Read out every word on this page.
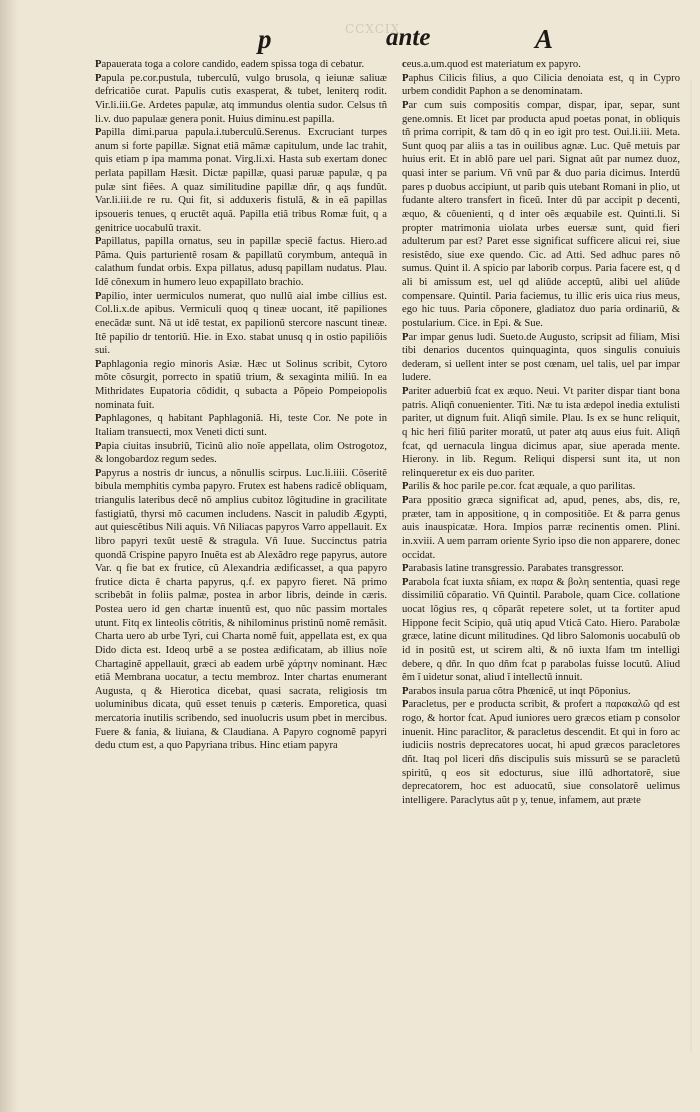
CCXCIX
p	ante	A

Papauerata toga a colore candido, eadem spissa toga di cebatur.

Papula pe.cor.pustula, tuberculũ, vulgo brusola, q ieiunæ saliuæ defricatiõe curat. Papulis cutis exasperat, & tubet, leniterq rodit. Vir.li.iii.Ge. Ardetes papulæ, atq immundus olentia sudor. Celsus tñ li.v. duo papulaæ genera ponit. Huius diminu.est papilla.

Papilla dimi.parua papula.i.tuberculũ.Serenus. Excruciant turpes anum si forte papillæ. Signat etiã mãmæ capitulum, unde lac trahit, quis etiam p ipa mamma ponat. Virg.li.xi. Hasta sub exertam donec perlata papillam Hæsit. Dictæ papillæ, quasi paruæ papulæ, q pa pulæ sint fiẽes. A quaz similitudine papillæ dñr, q aqs fundũt. Var.li.iii.de re ru. Qui fit, si adduxeris fistulã, & in eã papillas ipsoueris tenues, q eructẽt aquã. Papilla etiã tribus Romæ fuit, q a genitrice uocabulũ traxit.

Papillatus, papilla ornatus, seu in papillæ speciẽ factus. Hiero.ad Pãma. Quis parturientẽ rosam & papillatũ corymbum, antequã in calathum fundat orbis. Expa pillatus, adusq papillam nudatus. Plau. Idẽ cõnexum in humero leuo expapillato brachio.

Papilio, inter uermiculos numerat, quo nullũ aial imbe cillius est. Col.li.x.de apibus. Vermiculi quoq q tineæ uocant, itẽ papiliones enecãdæ sunt. Nã ut idẽ testat, ex papilionũ stercore nascunt tineæ. Itẽ papilio dr tentoriũ. Hie. in Exo. stabat unusq q in ostio papiliõis sui.

Paphlagonia regio minoris Asiæ. Hæc ut Solinus scribit, Cytoro mõte cõsurgit, porrecto in spatiũ trium, & sexaginta miliũ. In ea Mithridates Eupatoria cõdidit, q subacta a Põpeio Pompeiopolis nominata fuit.

Paphlagones, q habitant Paphlagoniã. Hi, teste Cor. Ne pote in Italiam transuecti, mox Veneti dicti sunt.

Papia ciuitas insubriũ, Ticinũ alio noĩe appellata, olim Ostrogotoz, & longobardoz regum sedes.

Papyrus a nostris dr iuncus, a nõnullis scirpus. Luc.li.iiii. Cõseritẽ bibula memphitis cymba papyro. Frutex est habens radicẽ obliquam, triangulis lateribus decẽ nõ amplius cubitoz lõgitudine in gracilitate fastigiatũ, thyrsi mõ cacumen includens. Nascit in paludib Ægypti, aut quiescẽtibus Nili aquis. Vñ Niliacas papyros Varro appellauit. Ex libro papyri texũt uestẽ & stragula. Vñ Iuue. Succinctus patria quondã Crispine papyro Inuẽta est ab Alexãdro rege papyrus, autore Var. q fie bat ex frutice, cũ Alexandria ædificasset, a qua papyro frutice dicta ẽ charta papyrus, q.f. ex papyro fieret. Nã primo scribebãt in foliis palmæ, postea in arbor libris, deinde in cæris. Postea uero id gen chartæ inuentũ est, quo nũc passim mortales utunt. Fitq ex linteolis cõtritis, & nihilominus pristinũ nomẽ remãsit. Charta uero ab urbe Tyri, cui Charta nomẽ fuit, appellata est, ex qua Dido dicta est. Ideoq urbẽ a se postea ædificatam, ab illius noĩe Chartaginẽ appellauit, græci ab eadem urbẽ χάρτην nominant. Hæc etiã Membrana uocatur, a tectu membroz. Inter chartas enumerant Augusta, q & Hierotica dicebat, quasi sacrata, religiosis tm uoluminibus dicata, quũ esset tenuis p cæteris. Emporetica, quasi mercatoria inutilis scribendo, sed inuolucris usum pbet in mercibus. Fuere & fania, & liuiana, & Claudiana. A Papyro cognomẽ papyri dedu ctum est, a quo Papyriana tribus. Hinc etiam papyra

ceus.a.um.quod est materiatum ex papyro.

Paphus Cilicis filius, a quo Cilicia denoiata est, q in Cypro urbem condidit Paphon a se denominatam.

Par cum suis compositis compar, dispar, ipar, separ, sunt gene.omnis. Et licet par producta apud poetas ponat, in obliquis tñ prima corripit, & tam dõ q in eo igit pro test. Oui.li.iii. Meta. Sunt quoq par aliis a tas in ouilibus agnæ. Luc. Quẽ metuis par huius erit. Et in ablõ pare uel pari. Signat aũt par numez duoz, quasi inter se parium. Vñ vnũ par & duo paria dicimus. Interdũ pares p duobus accipiunt, ut parib quis utebant Romani in plio, ut fudante altero transfert in ficeũ. Inter dũ par accipit p decenti, æquo, & cõuenienti, q d inter oẽs æquabile est. Quinti.li. Si propter matrimonia uiolata urbes euersæ sunt, quid fieri adulterum par est? Paret esse significat sufficere alicui rei, siue resistẽdo, siue exe quendo. Cic. ad Atti. Sed adhuc pares nõ sumus. Quint il. A spicio par laborib corpus. Paria facere est, q d ali bi amissum est, uel qd aliũde acceptũ, alibi uel aliũde compensare. Quintil. Paria faciemus, tu illic eris uica rius meus, ego hic tuus. Paria cõponere, gladiatoz duo paria ordinariũ, & postularium. Cice. in Epi. & Sue.

Par impar genus ludi. Sueto.de Augusto, scripsit ad filiam, Misi tibi denarios ducentos quinquaginta, quos singulis conuiuis dederam, si uellent inter se post cœnam, uel talis, uel par impar ludere.

Pariter aduerbiũ fcat ex æquo. Neui. Vt pariter dispar tiant bona patris. Aliqñ conuenienter. Titi. Næ tu ista ædepol inedia extulisti pariter, ut dignum fuit. Aliqñ simile. Plau. Is ex se hunc reliquit, q hic heri filiũ pariter moratũ, ut pater atq auus eius fuit. Aliqñ fcat, qd uernacula lingua dicimus apar, siue aperada mente. Hierony. in lib. Regum. Reliqui dispersi sunt ita, ut non relinqueretur ex eis duo pariter.

Parilis & hoc parile pe.cor. fcat æquale, a quo parilitas.

Para ppositio græca significat ad, apud, penes, abs, dis, re, præter, tam in appositione, q in compositiõe. Et & parra genus auis inauspicatæ. Hora. Impios parræ recinentis omen. Plini. in.xviii. A uem parram oriente Syrio ipso die non apparere, donec occidat.

Parabasis latine transgressio. Parabates transgressor.

Parabola fcat iuxta sñiam, ex παρα & βολη sententia, quasi rege dissimiliũ cõparatio. Vñ Quintil. Parabole, quam Cice. collatione uocat lõgius res, q cõparãt repetere solet, ut ta fortiter apud Hippone fecit Scipio, quã utiq apud Vticã Cato. Hiero. Parabolæ græce, latine dicunt militudines. Qd libro Salomonis uocabulũ ob id in positũ est, ut scirem alti, & nõ iuxta lfam tm intelligi debere, q dñr. In quo dñm fcat p parabolas fuisse locutũ. Aliud ẽm ĩ uidetur sonat, aliud ĩ intellectũ innuit.

Parabos insula parua cõtra Phœnicẽ, ut inqt Põponius.

Paracletus, per e producta scribit, & profert a παρακαλῶ qd est rogo, & hortor fcat. Apud iuniores uero græcos etiam p consolor inuenit. Hinc paraclitor, & paracletus descendit. Et qui in foro ac iudiciis nostris deprecatores uocat, hi apud græcos paracletores dñt. Itaq pol liceri dñs discipulis suis missurũ se se paracletũ spiritũ, q eos sit edocturus, siue illũ adhortatorẽ, siue deprecatorem, hoc est aduocatũ, siue consolatorẽ uelimus intelligere. Paraclytus aũt p y, tenue, infamem, aut præte
